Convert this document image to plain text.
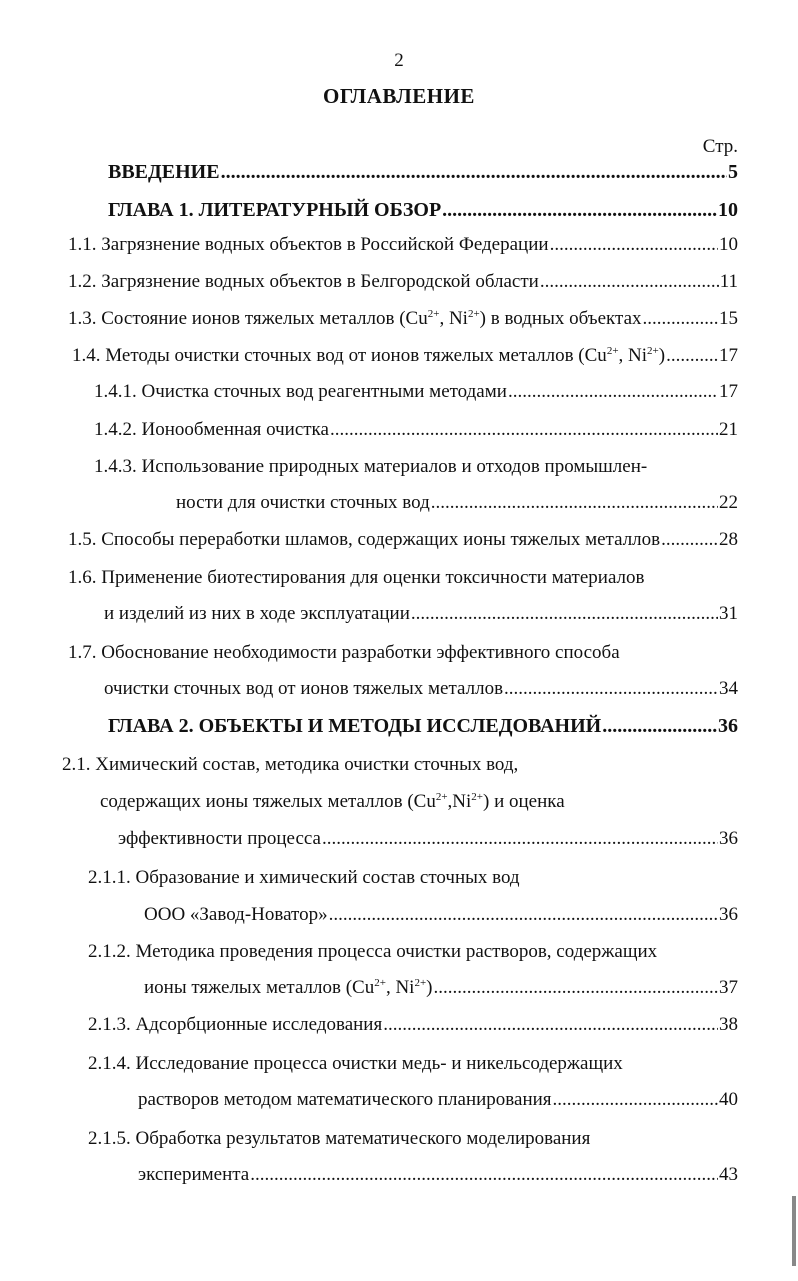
2
ОГЛАВЛЕНИЕ
Стр.
ВВЕДЕНИЕ .....	5
ГЛАВА 1. ЛИТЕРАТУРНЫЙ ОБЗОР .....	10
1.1. Загрязнение водных объектов в Российской Федерации .....	10
1.2. Загрязнение водных объектов в Белгородской области .....	11
1.3. Состояние ионов тяжелых металлов ($Cu^{2+}$, $Ni^{2+}$) в водных объектах .....	15
1.4. Методы очистки сточных вод от ионов тяжелых металлов ($Cu^{2+}$, $Ni^{2+}$) .....	17
1.4.1. Очистка сточных вод реагентными методами .....	17
1.4.2. Ионообменная очистка .....	21
1.4.3. Использование природных материалов и отходов промышлен-
ности для очистки сточных вод .....	22
1.5. Способы переработки шламов, содержащих ионы тяжелых металлов .....	28
1.6. Применение биотестирования для оценки токсичности материалов
и изделий из них в ходе эксплуатации .....	31
1.7. Обоснование необходимости разработки эффективного способа
очистки сточных вод от ионов тяжелых металлов .....	34
ГЛАВА 2. ОБЪЕКТЫ И МЕТОДЫ ИССЛЕДОВАНИЙ .....	36
2.1. Химический состав, методика очистки сточных вод,
содержащих ионы тяжелых металлов $(Cu^{2+},Ni^{2+})$ и оценка
эффективности процесса .....	36
2.1.1. Образование и химический состав сточных вод
ООО «Завод-Новатор» .....	36
2.1.2. Методика проведения процесса очистки растворов, содержащих
ионы тяжелых металлов ($Cu^{2+}$, $Ni^{2+}$) .....	37
2.1.3. Адсорбционные исследования .....	38
2.1.4. Исследование процесса очистки медь- и никельсодержащих
растворов методом математического планирования .....	40
2.1.5. Обработка результатов математического моделирования
эксперимента .....	43
